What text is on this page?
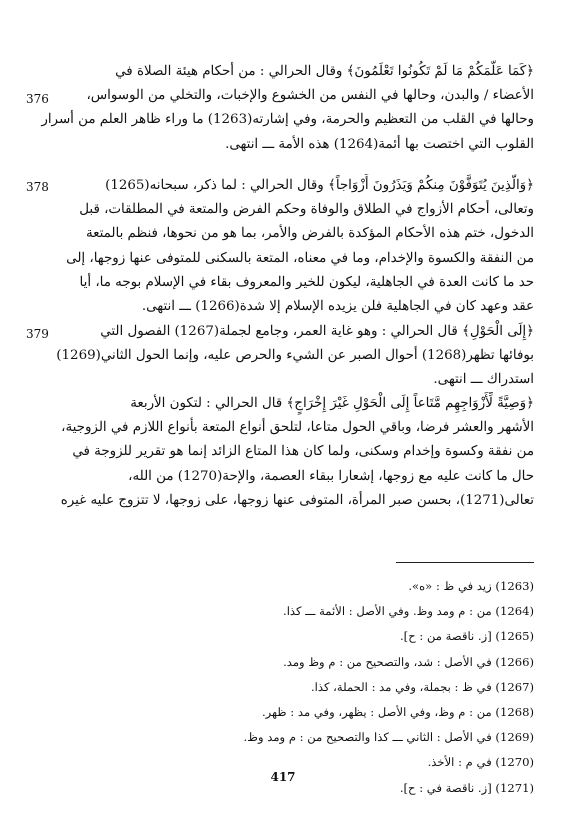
﴿كَمَا عَلَّمَكُمْ مَا لَمْ تَكُونُوا تَعْلَمُونَ﴾ وقال الحرالي : من أحكام هيئة الصلاة في
الأعضاء / والبدن، وحالها في النفس من الخشوع والإخبات، والتخلي من الوسواس،
وحالها في القلب من التعظيم والحرمة، وفي إشارته(1263) ما وراء ظاهر العلم من أسرار
القلوب التي اختصت بها أئمة(1264) هذه الأمة ـــ انتهى.
376
﴿وَالَّذِينَ يُتَوَفَّوْنَ مِنكُمْ وَيَذَرُونَ أَزْوَاجاً﴾ وقال الحرالي : لما ذكر، سبحانه(1265)
وتعالى، أحكام الأزواج في الطلاق والوفاة وحكم الفرض والمتعة في المطلقات، قبل
الدخول، ختم هذه الأحكام المؤكدة بالفرض والأمر، بما هو من نحوها، فنظم بالمتعة
من النفقة والكسوة والإخدام، وما في معناه، المتعة بالسكنى للمتوفى عنها زوجها، إلى
حد ما كانت العدة في الجاهلية، ليكون للخير والمعروف بقاء في الإسلام بوجه ما، أيا
عقد وعهد كان في الجاهلية فلن يزيده الإسلام إلا شدة(1266) ـــ انتهى.
378
﴿إِلَى الْحَوْلِ﴾ قال الحرالي : وهو غاية العمر، وجامع لجملة(1267) الفصول التي
بوفائها تظهر(1268) أحوال الصبر عن الشيء والحرص عليه، وإنما الحول الثاني(1269)
استدراك ـــ انتهى.
379
﴿وَصِيَّةً لِّأَزْوَاجِهِم مَّتَاعاً إِلَى الْحَوْلِ غَيْرَ إِخْرَاجٍ﴾ قال الحرالي : لتكون الأربعة
الأشهر والعشر فرضا، وباقي الحول متاعا، لتلحق أنواع المتعة بأنواع اللازم في الزوجية،
من نفقة وكسوة وإخدام وسكنى، ولما كان هذا المتاع الزائد إنما هو تقرير للزوجة في
حال ما كانت عليه مع زوجها، إشعارا ببقاء العصمة، والإحة(1270) من الله،
تعالى(1271)، بحسن صبر المرأة، المتوفى عنها زوجها، على زوجها، لا تتزوج عليه غيره
(1263) زيد في ظ : «ه».
(1264) من : م ومد وظ. وفي الأصل : الأئمة ـــ كذا.
(1265) [ز. ناقصة من : ح].
(1266) في الأصل : شد، والتصحيح من : م وظ ومد.
(1267) في ظ : بجملة، وفي مد : الحملة، كذا.
(1268) من : م وظ، وفي الأصل : يظهر، وفي مد : ظهر.
(1269) في الأصل : الثاني ـــ كذا والتصحيح من : م ومد وظ.
(1270) في م : الأخذ.
(1271) [ز. ناقصة في : ح].
417
